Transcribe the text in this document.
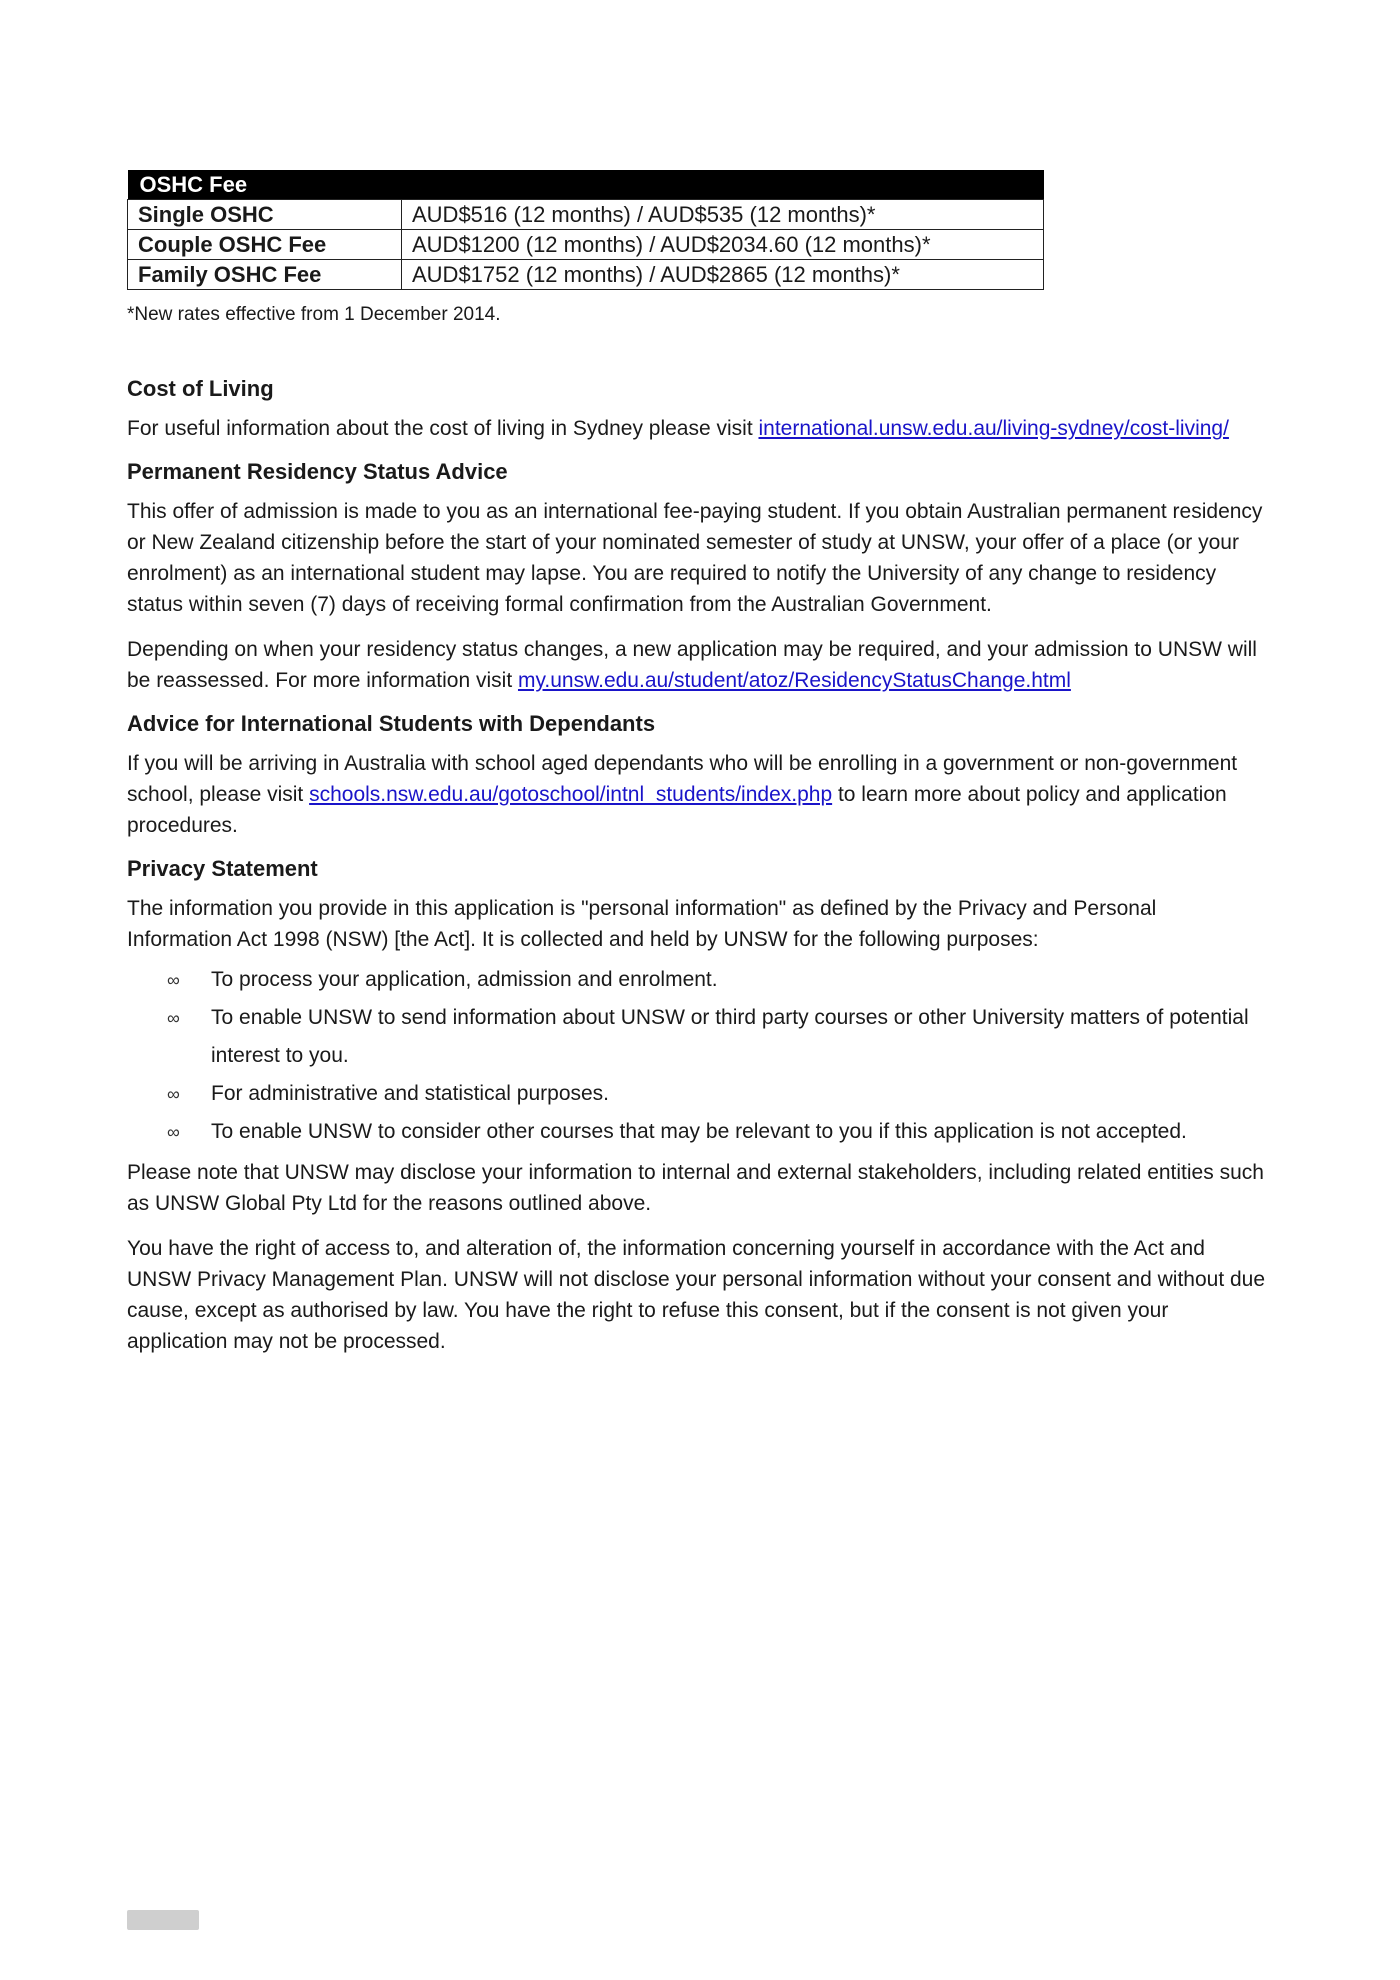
OSHC Fee	
Single OSHC	AUD$516 (12 months) / AUD$535 (12 months)*
Couple OSHC Fee	AUD$1200 (12 months) / AUD$2034.60 (12 months)*
Family OSHC Fee	AUD$1752 (12 months) / AUD$2865 (12 months)*
*New rates effective from 1 December 2014.
Cost of Living

For useful information about the cost of living in Sydney please visit international.unsw.edu.au/living-sydney/cost-living/

Permanent Residency Status Advice

This offer of admission is made to you as an international fee-paying student. If you obtain Australian permanent residency or New Zealand citizenship before the start of your nominated semester of study at UNSW, your offer of a place (or your enrolment) as an international student may lapse. You are required to notify the University of any change to residency status within seven (7) days of receiving formal confirmation from the Australian Government.

Depending on when your residency status changes, a new application may be required, and your admission to UNSW will be reassessed. For more information visit my.unsw.edu.au/student/atoz/ResidencyStatusChange.html

Advice for International Students with Dependants

If you will be arriving in Australia with school aged dependants who will be enrolling in a government or non-government school, please visit schools.nsw.edu.au/gotoschool/intnl_students/index.php to learn more about policy and application procedures.

Privacy Statement

The information you provide in this application is "personal information" as defined by the Privacy and Personal Information Act 1998 (NSW) [the Act]. It is collected and held by UNSW for the following purposes:

∞ To process your application, admission and enrolment.
∞ To enable UNSW to send information about UNSW or third party courses or other University matters of potential interest to you.
∞ For administrative and statistical purposes.
∞ To enable UNSW to consider other courses that may be relevant to you if this application is not accepted.

Please note that UNSW may disclose your information to internal and external stakeholders, including related entities such as UNSW Global Pty Ltd for the reasons outlined above.

You have the right of access to, and alteration of, the information concerning yourself in accordance with the Act and UNSW Privacy Management Plan. UNSW will not disclose your personal information without your consent and without due cause, except as authorised by law. You have the right to refuse this consent, but if the consent is not given your application may not be processed.
